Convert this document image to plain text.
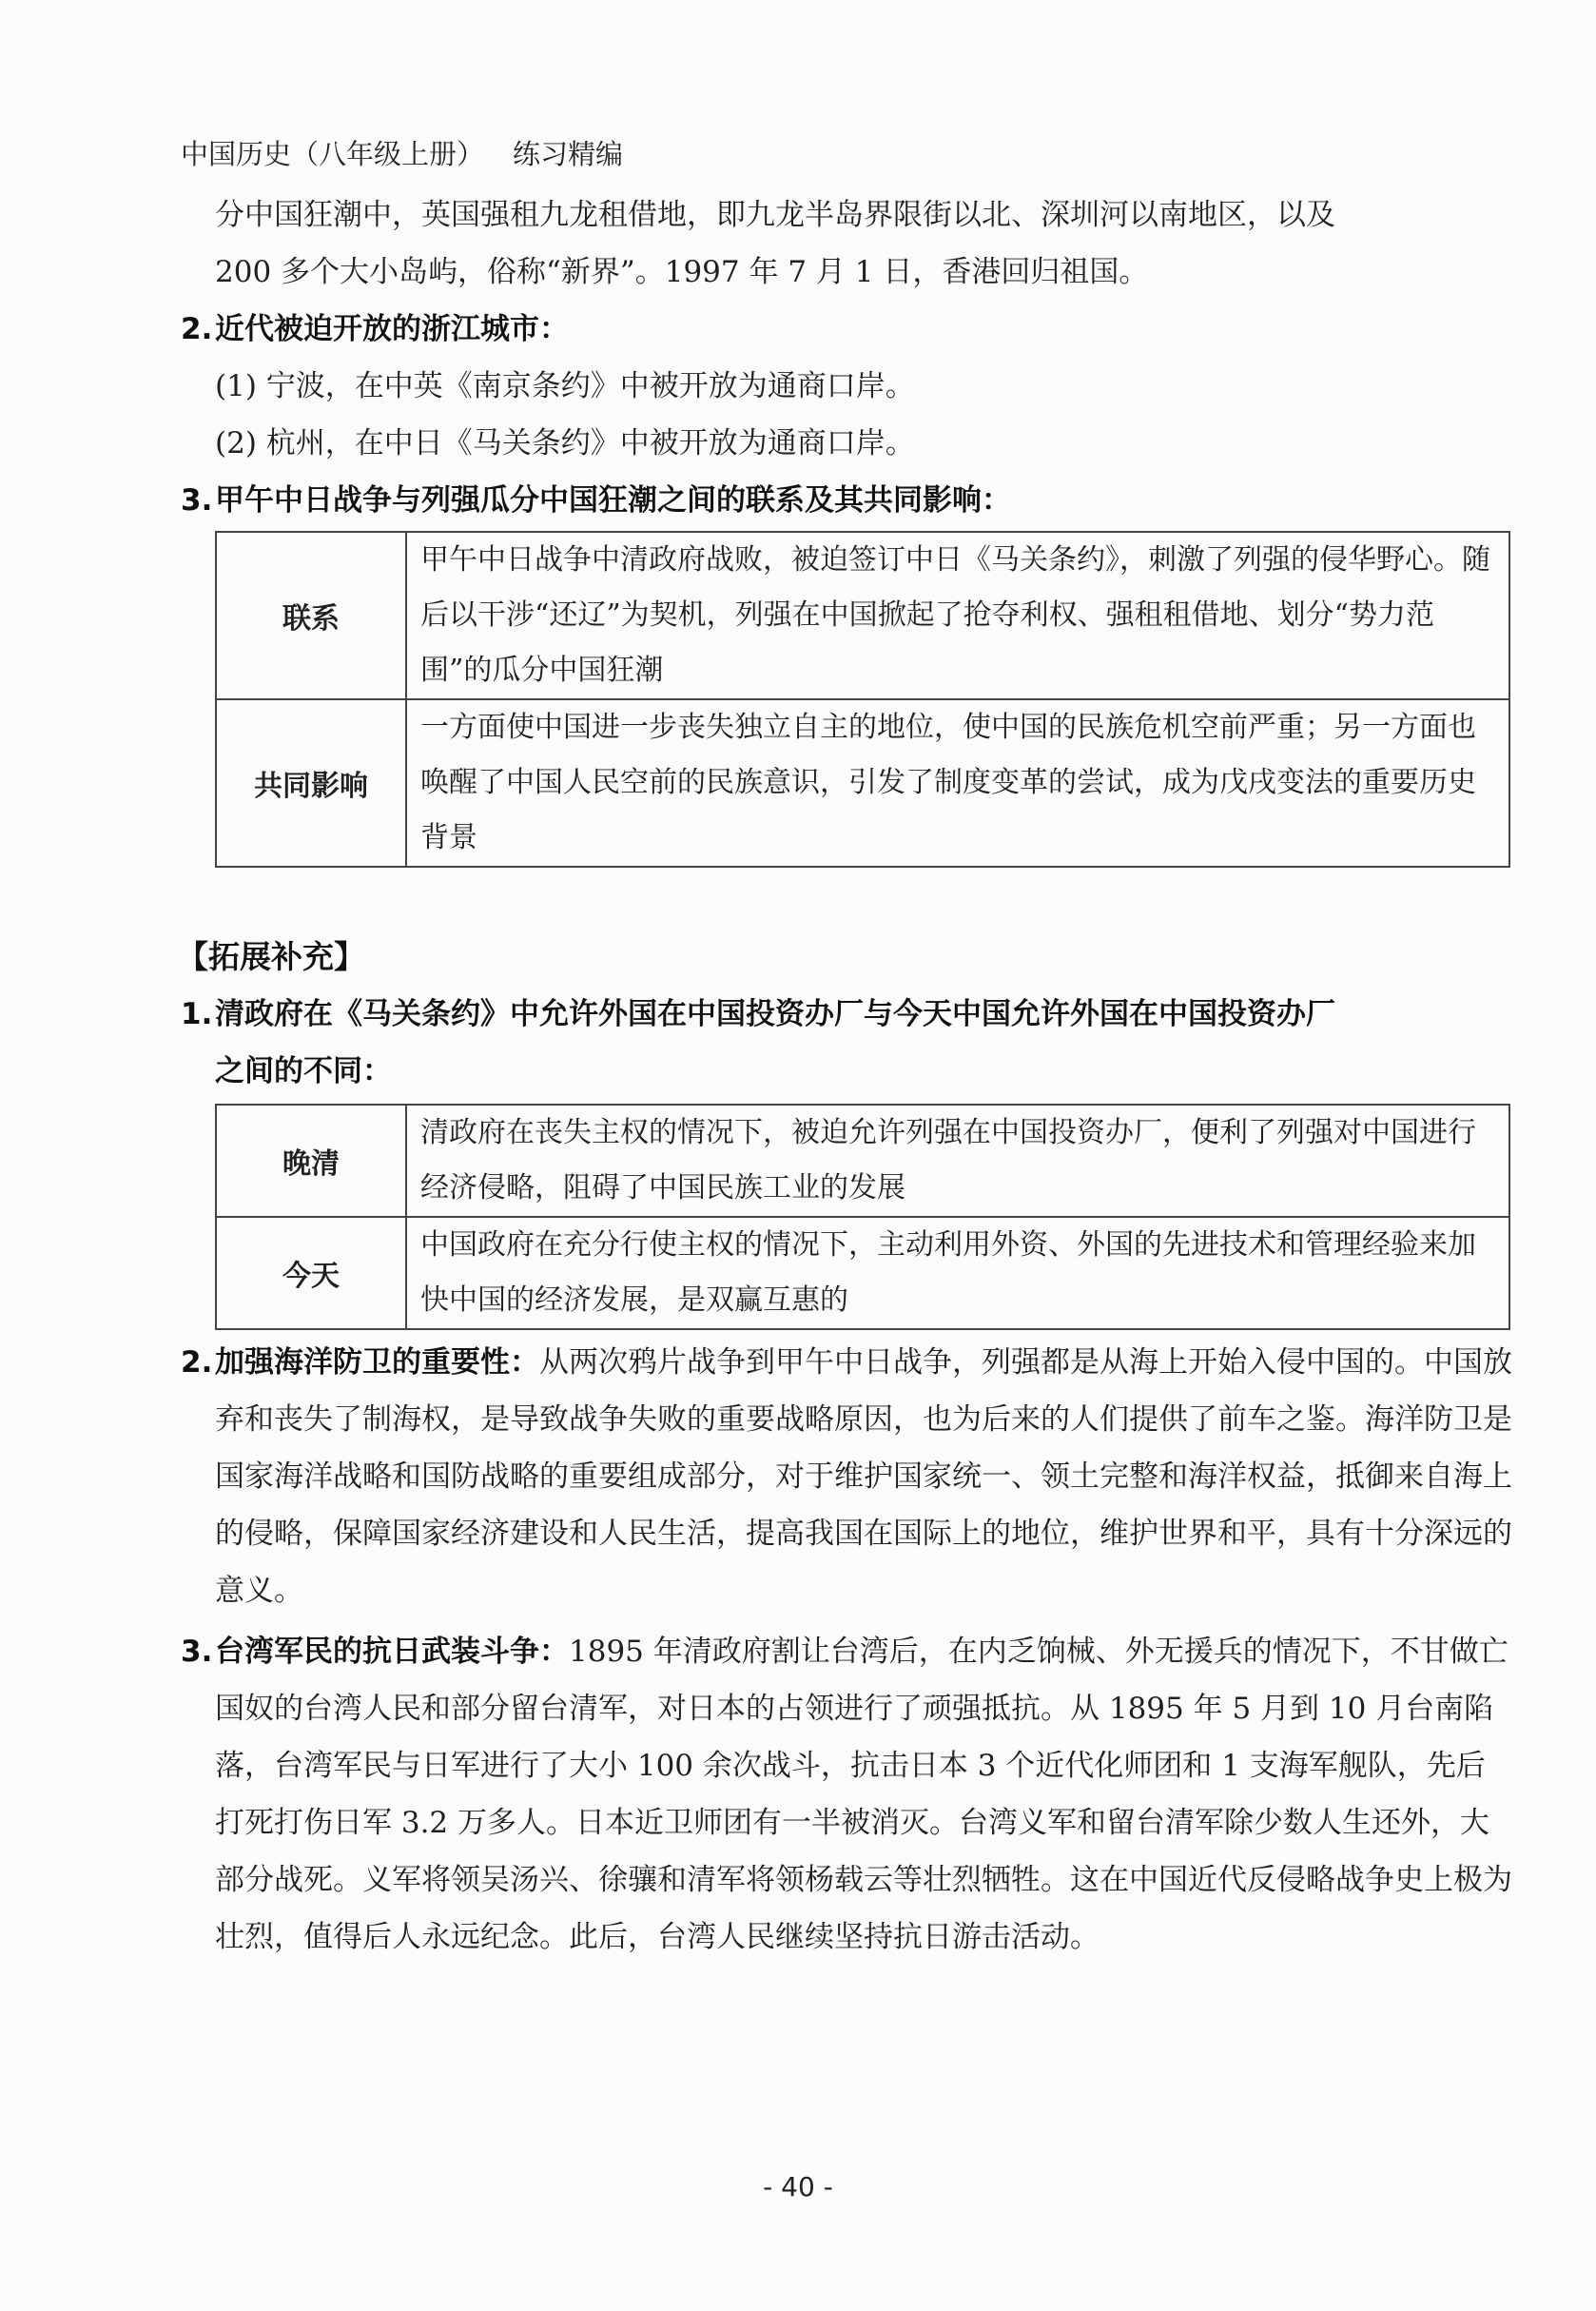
中国历史（八年级上册） 练习精编
分中国狂潮中，英国强租九龙租借地，即九龙半岛界限街以北、深圳河以南地区，以及
200 多个大小岛屿，俗称“新界”。1997 年 7 月 1 日，香港回归祖国。
2.近代被迫开放的浙江城市：
(1) 宁波，在中英《南京条约》中被开放为通商口岸。
(2) 杭州，在中日《马关条约》中被开放为通商口岸。
3.甲午中日战争与列强瓜分中国狂潮之间的联系及其共同影响：
联系	甲午中日战争中清政府战败，被迫签订中日《马关条约》，刺激了列强的侵华野心。随后以干涉“还辽”为契机，列强在中国掀起了抢夺利权、强租租借地、划分“势力范围”的瓜分中国狂潮
共同影响	一方面使中国进一步丧失独立自主的地位，使中国的民族危机空前严重；另一方面也唤醒了中国人民空前的民族意识，引发了制度变革的尝试，成为戊戌变法的重要历史背景
【拓展补充】
1.清政府在《马关条约》中允许外国在中国投资办厂与今天中国允许外国在中国投资办厂
之间的不同：
晚清	清政府在丧失主权的情况下，被迫允许列强在中国投资办厂，便利了列强对中国进行经济侵略，阻碍了中国民族工业的发展
今天	中国政府在充分行使主权的情况下，主动利用外资、外国的先进技术和管理经验来加快中国的经济发展，是双赢互惠的
2.加强海洋防卫的重要性：从两次鸦片战争到甲午中日战争，列强都是从海上开始入侵中国的。中国放弃和丧失了制海权，是导致战争失败的重要战略原因，也为后来的人们提供了前车之鉴。海洋防卫是国家海洋战略和国防战略的重要组成部分，对于维护国家统一、领土完整和海洋权益，抵御来自海上的侵略，保障国家经济建设和人民生活，提高我国在国际上的地位，维护世界和平，具有十分深远的意义。
3.台湾军民的抗日武装斗争：1895 年清政府割让台湾后，在内乏饷械、外无援兵的情况下，不甘做亡国奴的台湾人民和部分留台清军，对日本的占领进行了顽强抵抗。从 1895 年 5 月到 10 月台南陷落，台湾军民与日军进行了大小 100 余次战斗，抗击日本 3 个近代化师团和 1 支海军舰队，先后打死打伤日军 3.2 万多人。日本近卫师团有一半被消灭。台湾义军和留台清军除少数人生还外，大部分战死。义军将领吴汤兴、徐骧和清军将领杨载云等壮烈牺牲。这在中国近代反侵略战争史上极为壮烈，值得后人永远纪念。此后，台湾人民继续坚持抗日游击活动。
- 40 -
